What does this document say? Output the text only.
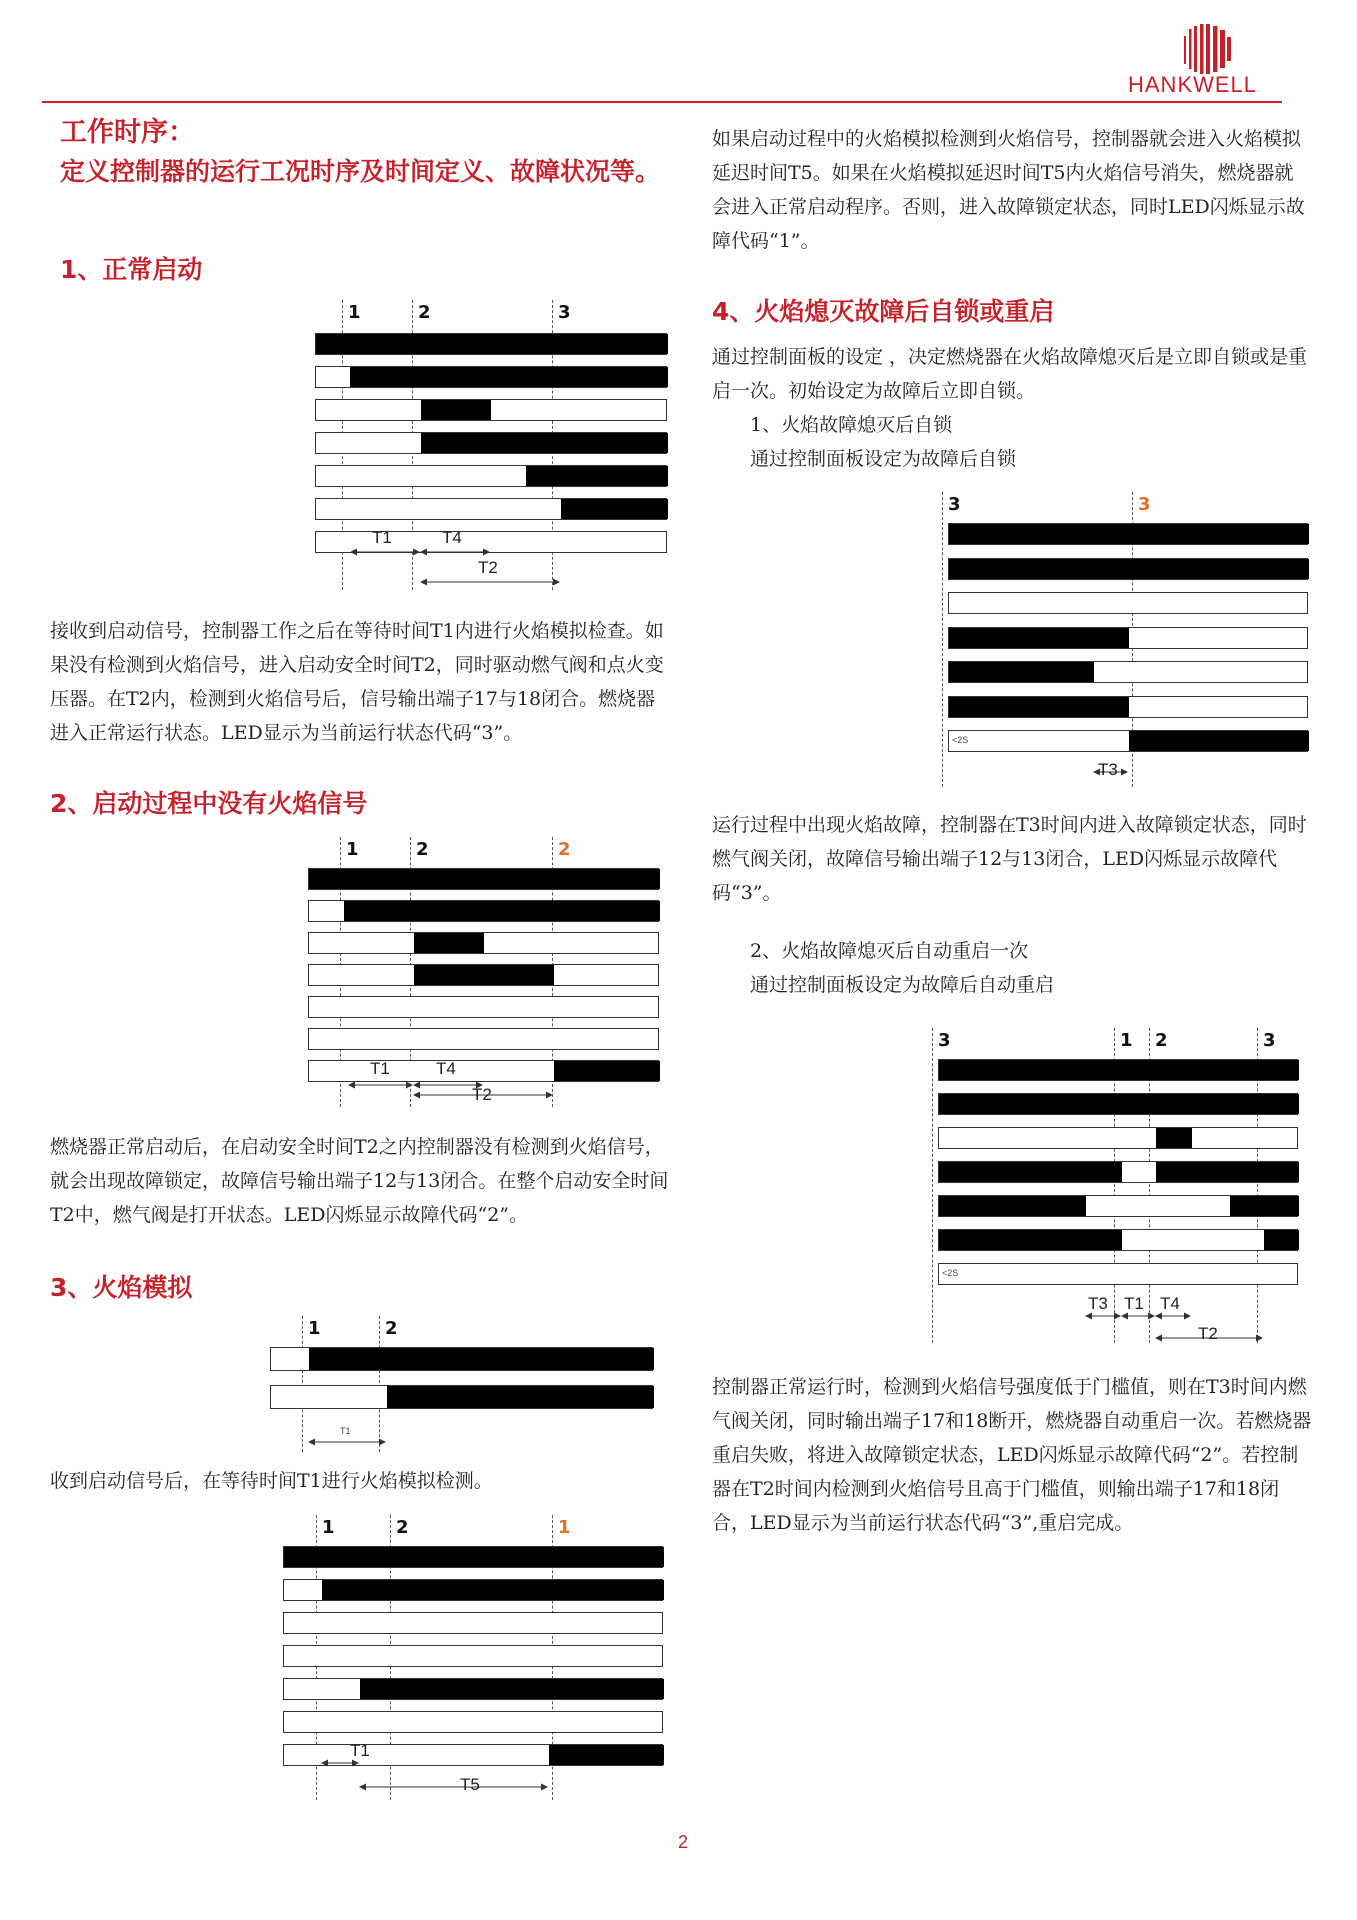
HANKWELL
工作时序：
定义控制器的运行工况时序及时间定义、故障状况等。
1、正常启动
1	2	3
T1	T4
T2
接收到启动信号，控制器工作之后在等待时间T1内进行火焰模拟检查。如果没有检测到火焰信号，进入启动安全时间T2，同时驱动燃气阀和点火变压器。在T2内，检测到火焰信号后，信号输出端子17与18闭合。燃烧器进入正常运行状态。LED显示为当前运行状态代码“3”。
2、启动过程中没有火焰信号
1	2	2
T1	T4
T2
燃烧器正常启动后，在启动安全时间T2之内控制器没有检测到火焰信号，就会出现故障锁定，故障信号输出端子12与13闭合。在整个启动安全时间T2中，燃气阀是打开状态。LED闪烁显示故障代码“2”。
3、火焰模拟
1	2
T1
收到启动信号后，在等待时间T1进行火焰模拟检测。
1	2	1
T1
T5
如果启动过程中的火焰模拟检测到火焰信号，控制器就会进入火焰模拟延迟时间T5。如果在火焰模拟延迟时间T5内火焰信号消失，燃烧器就会进入正常启动程序。否则，进入故障锁定状态，同时LED闪烁显示故障代码“1”。
4、火焰熄灭故障后自锁或重启
通过控制面板的设定 ，决定燃烧器在火焰故障熄灭后是立即自锁或是重启一次。初始设定为故障后立即自锁。
1、火焰故障熄灭后自锁
通过控制面板设定为故障后自锁
3	3
<2S
T3
运行过程中出现火焰故障，控制器在T3时间内进入故障锁定状态，同时燃气阀关闭，故障信号输出端子12与13闭合，LED闪烁显示故障代码“3”。
2、火焰故障熄灭后自动重启一次
通过控制面板设定为故障后自动重启
3	1 2	3
<2S
T3 T1 T4
T2
控制器正常运行时，检测到火焰信号强度低于门槛值，则在T3时间内燃气阀关闭，同时输出端子17和18断开，燃烧器自动重启一次。若燃烧器重启失败，将进入故障锁定状态，LED闪烁显示故障代码“2”。若控制器在T2时间内检测到火焰信号且高于门槛值，则输出端子17和18闭合，LED显示为当前运行状态代码“3”,重启完成。
2
